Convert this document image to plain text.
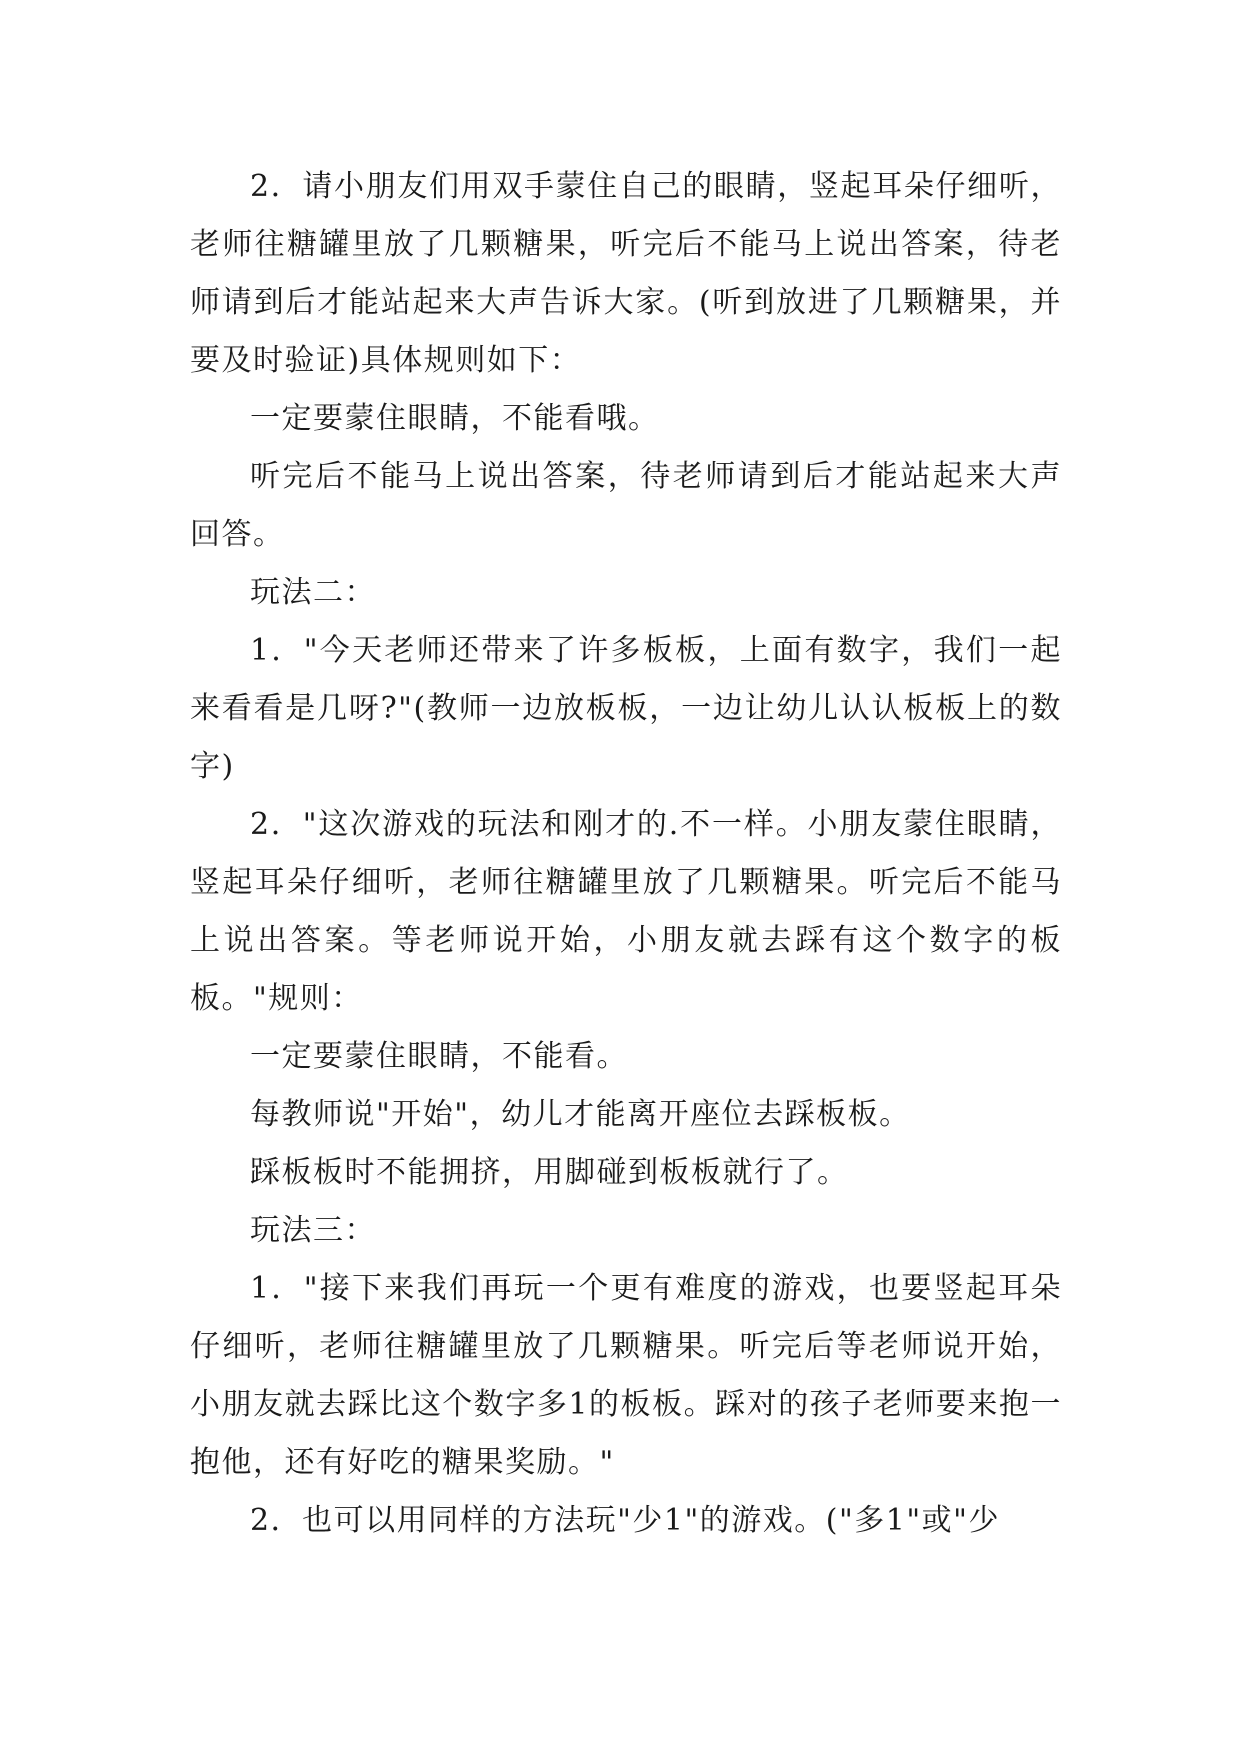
2．请小朋友们用双手蒙住自己的眼睛，竖起耳朵仔细听，老师往糖罐里放了几颗糖果，听完后不能马上说出答案，待老师请到后才能站起来大声告诉大家。(听到放进了几颗糖果，并要及时验证)具体规则如下：

一定要蒙住眼睛，不能看哦。

听完后不能马上说出答案，待老师请到后才能站起来大声回答。

玩法二：

1．"今天老师还带来了许多板板，上面有数字，我们一起来看看是几呀?"(教师一边放板板，一边让幼儿认认板板上的数字)

2．"这次游戏的玩法和刚才的.不一样。小朋友蒙住眼睛，竖起耳朵仔细听，老师往糖罐里放了几颗糖果。听完后不能马上说出答案。等老师说开始，小朋友就去踩有这个数字的板板。"规则：

一定要蒙住眼睛，不能看。

每教师说"开始"，幼儿才能离开座位去踩板板。

踩板板时不能拥挤，用脚碰到板板就行了。

玩法三：

1．"接下来我们再玩一个更有难度的游戏，也要竖起耳朵仔细听，老师往糖罐里放了几颗糖果。听完后等老师说开始，小朋友就去踩比这个数字多1的板板。踩对的孩子老师要来抱一抱他，还有好吃的糖果奖励。"

2．也可以用同样的方法玩"少1"的游戏。("多1"或"少
